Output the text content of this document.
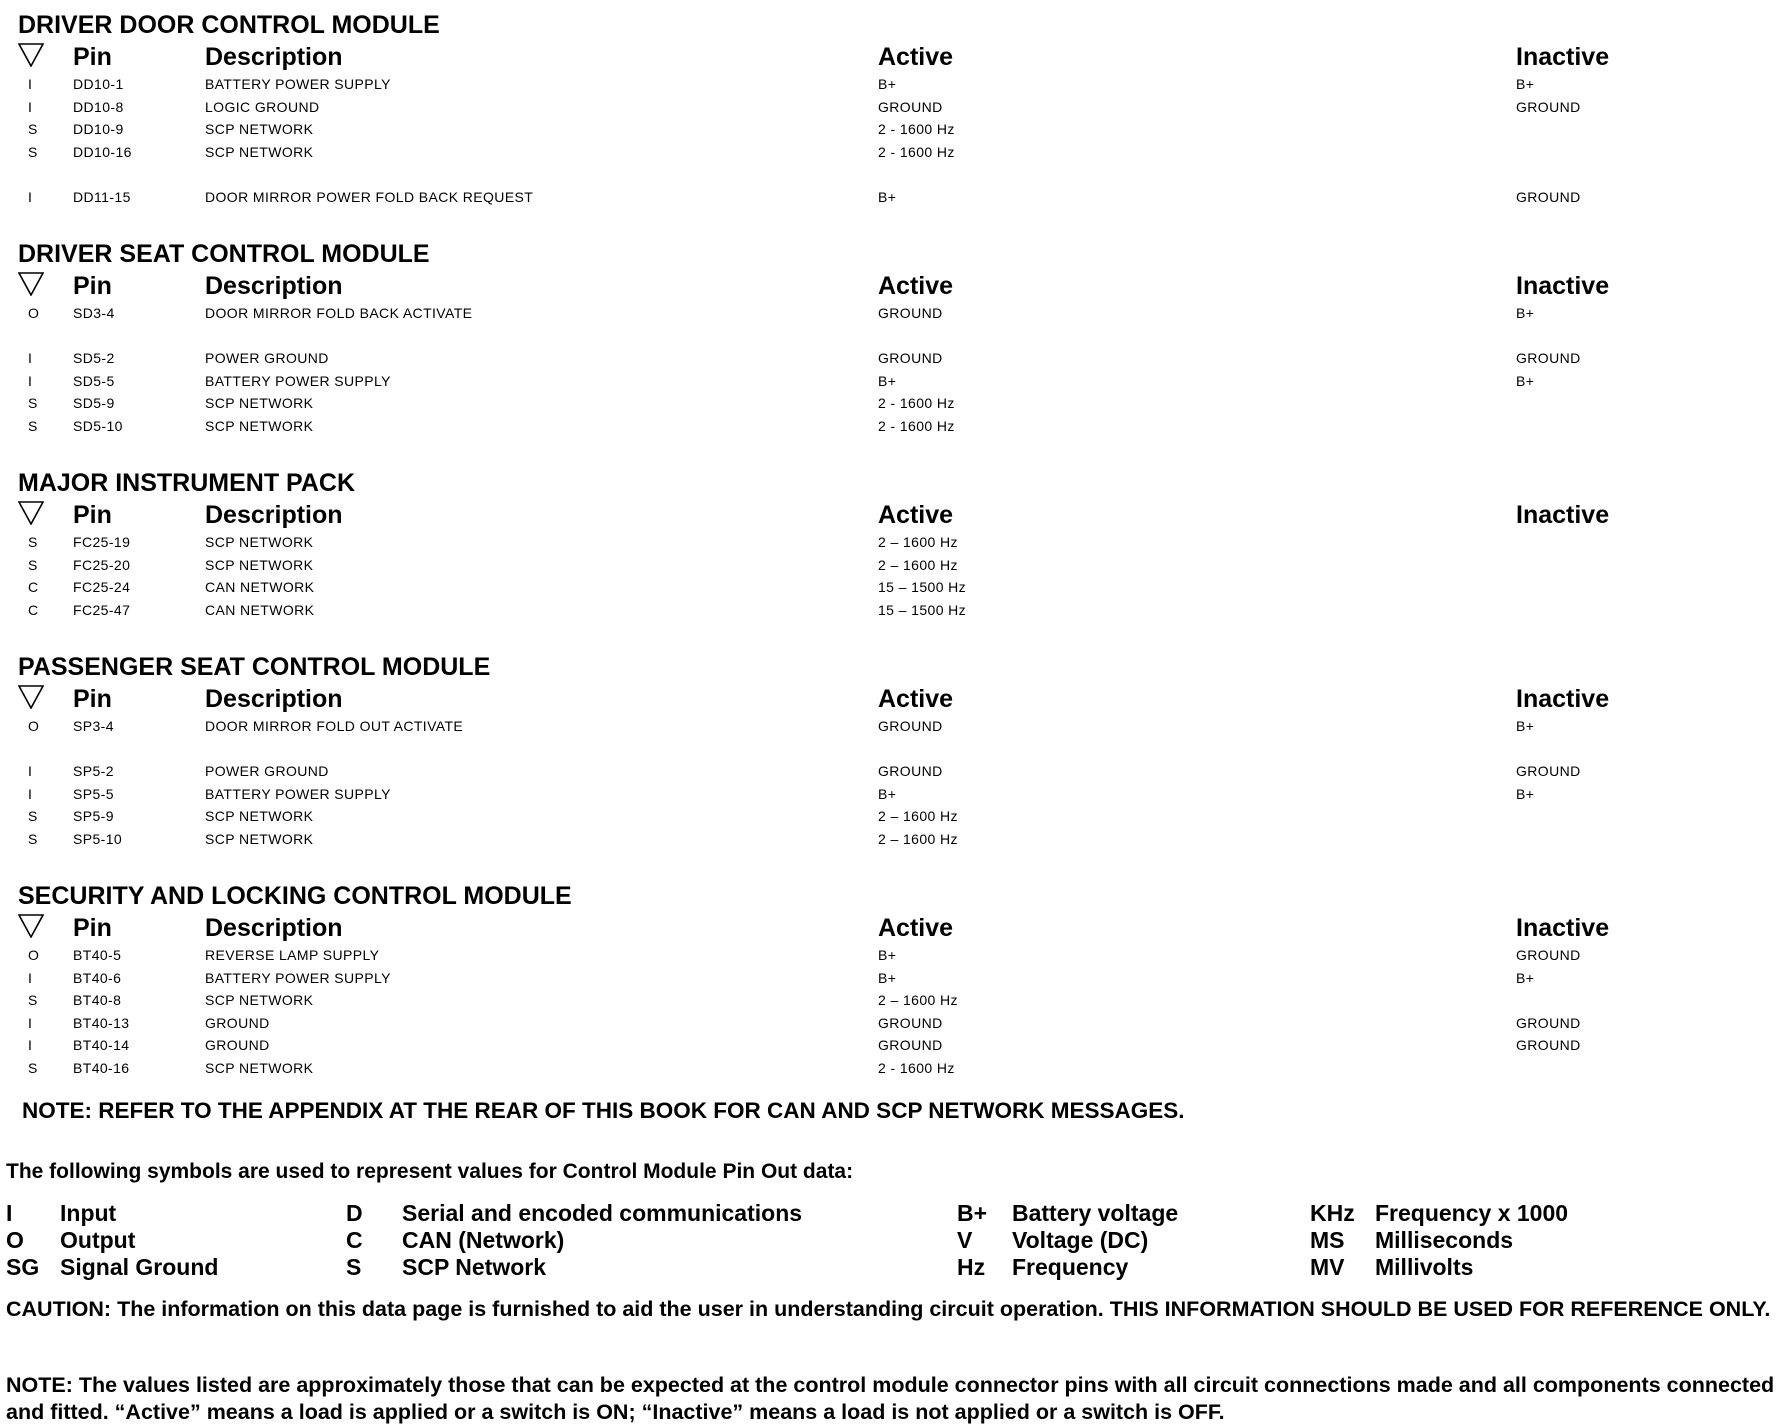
DRIVER DOOR CONTROL MODULE
Pin	Description	Active	Inactive
I	DD10-1	BATTERY POWER SUPPLY	B+	B+
I	DD10-8	LOGIC GROUND	GROUND	GROUND
S	DD10-9	SCP NETWORK	2 - 1600 Hz
S	DD10-16	SCP NETWORK	2 - 1600 Hz
I	DD11-15	DOOR MIRROR POWER FOLD BACK REQUEST	B+	GROUND
DRIVER SEAT CONTROL MODULE
Pin	Description	Active	Inactive
O SD3-4	DOOR MIRROR FOLD BACK ACTIVATE	GROUND	B+
I	SD5-2	POWER GROUND	GROUND	GROUND
I	SD5-5	BATTERY POWER SUPPLY	B+	B+
S	SD5-9	SCP NETWORK	2 - 1600 Hz
S	SD5-10	SCP NETWORK	2 - 1600 Hz
MAJOR INSTRUMENT PACK
Pin	Description	Active	Inactive
S	FC25-19	SCP NETWORK	2 – 1600 Hz
S	FC25-20	SCP NETWORK	2 – 1600 Hz
C FC25-24	CAN NETWORK	15 – 1500 Hz
C FC25-47	CAN NETWORK	15 – 1500 Hz
PASSENGER SEAT CONTROL MODULE
Pin	Description	Active	Inactive
O SP3-4	DOOR MIRROR FOLD OUT ACTIVATE	GROUND	B+
I	SP5-2	POWER GROUND	GROUND	GROUND
I	SP5-5	BATTERY POWER SUPPLY	B+	B+
S	SP5-9	SCP NETWORK	2 – 1600 Hz
S	SP5-10	SCP NETWORK	2 – 1600 Hz
SECURITY AND LOCKING CONTROL MODULE
Pin	Description	Active	Inactive
O BT40-5	REVERSE LAMP SUPPLY	B+	GROUND
I	BT40-6	BATTERY POWER SUPPLY	B+	B+
S	BT40-8	SCP NETWORK	2 – 1600 Hz
I	BT40-13	GROUND	GROUND	GROUND
I	BT40-14	GROUND	GROUND	GROUND
S	BT40-16	SCP NETWORK	2 - 1600 Hz
NOTE: REFER TO THE APPENDIX AT THE REAR OF THIS BOOK FOR CAN AND SCP NETWORK MESSAGES.
The following symbols are used to represent values for Control Module Pin Out data:
I Input
O Output
SG Signal Ground
D Serial and encoded communications
C CAN (Network)
S SCP Network
B+ Battery voltage
V Voltage (DC)
Hz Frequency
KHz Frequency x 1000
MS Milliseconds
MV Millivolts
CAUTION: The information on this data page is furnished to aid the user in understanding circuit operation. THIS INFORMATION SHOULD BE USED FOR REFERENCE ONLY.
NOTE: The values listed are approximately those that can be expected at the control module connector pins with all circuit connections made and all components connected and fitted. “Active” means a load is applied or a switch is ON; “Inactive” means a load is not applied or a switch is OFF.
